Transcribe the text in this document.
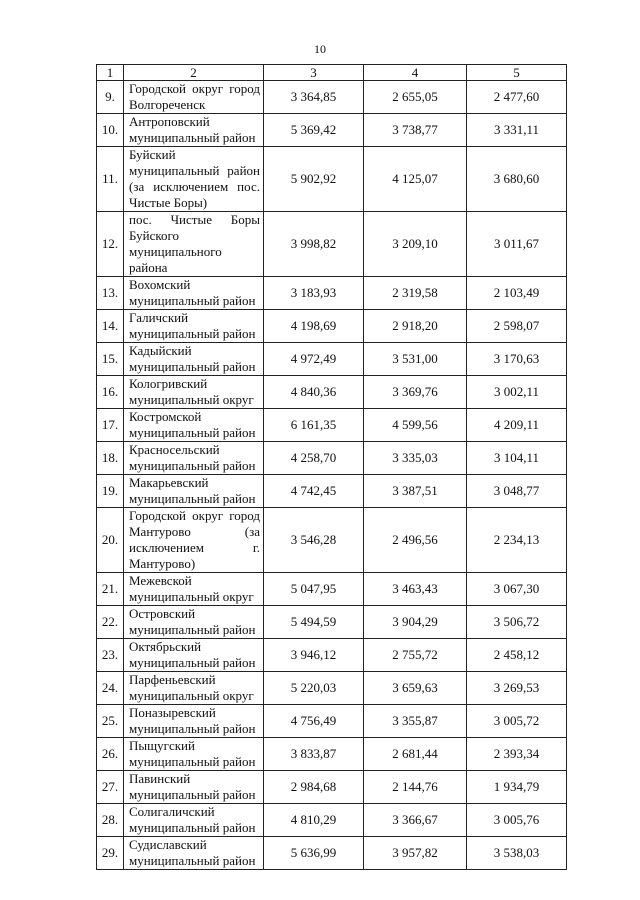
10
1	2	3	4	5
9.	Городской округ город Волгореченск	3 364,85	2 655,05	2 477,60
10.	Антроповский муниципальный район	5 369,42	3 738,77	3 331,11
11.	Буйский муниципальный район (за исключением пос. Чистые Боры)	5 902,92	4 125,07	3 680,60
12.	пос. Чистые Боры Буйского муниципального района	3 998,82	3 209,10	3 011,67
13.	Вохомский муниципальный район	3 183,93	2 319,58	2 103,49
14.	Галичский муниципальный район	4 198,69	2 918,20	2 598,07
15.	Кадыйский муниципальный район	4 972,49	3 531,00	3 170,63
16.	Кологривский муниципальный округ	4 840,36	3 369,76	3 002,11
17.	Костромской муниципальный район	6 161,35	4 599,56	4 209,11
18.	Красносельский муниципальный район	4 258,70	3 335,03	3 104,11
19.	Макарьевский муниципальный район	4 742,45	3 387,51	3 048,77
20.	Городской округ город Мантурово (за исключением г. Мантурово)	3 546,28	2 496,56	2 234,13
21.	Межевской муниципальный округ	5 047,95	3 463,43	3 067,30
22.	Островский муниципальный район	5 494,59	3 904,29	3 506,72
23.	Октябрьский муниципальный район	3 946,12	2 755,72	2 458,12
24.	Парфеньевский муниципальный округ	5 220,03	3 659,63	3 269,53
25.	Поназыревский муниципальный район	4 756,49	3 355,87	3 005,72
26.	Пыщугский муниципальный район	3 833,87	2 681,44	2 393,34
27.	Павинский муниципальный район	2 984,68	2 144,76	1 934,79
28.	Солигаличский муниципальный район	4 810,29	3 366,67	3 005,76
29.	Судиславский муниципальный район	5 636,99	3 957,82	3 538,03
